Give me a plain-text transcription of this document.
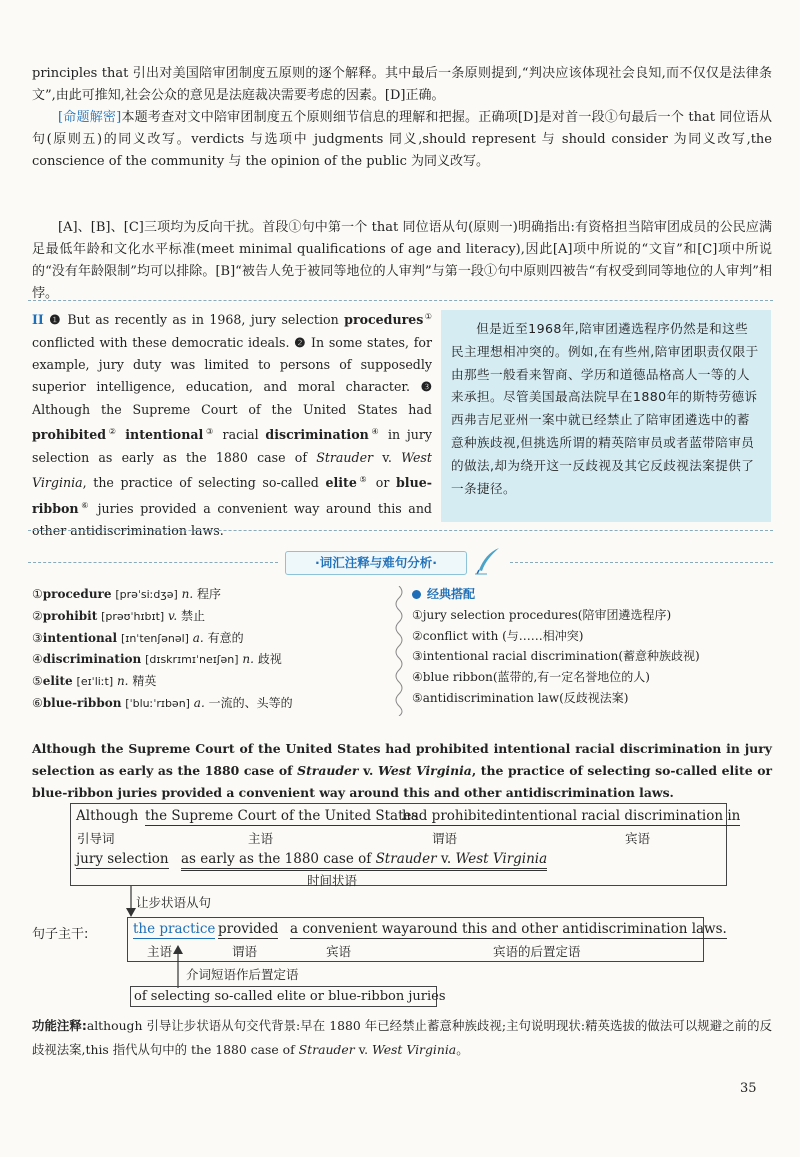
principles that 引出对美国陪审团制度五原则的逐个解释。其中最后一条原则提到,“判决应该体现社会良知,而不仅仅是法律条文”,由此可推知,社会公众的意见是法庭裁决需要考虑的因素。[D]正确。

[命题解密]本题考查对文中陪审团制度五个原则细节信息的理解和把握。正确项[D]是对首一段①句最后一个 that 同位语从句(原则五)的同义改写。verdicts 与选项中 judgments 同义,should represent 与 should consider 为同义改写,the conscience of the community 与 the opinion of the public 为同义改写。

[A]、[B]、[C]三项均为反向干扰。首段①句中第一个 that 同位语从句(原则一)明确指出:有资格担当陪审团成员的公民应满足最低年龄和文化水平标准(meet minimal qualifications of age and literacy),因此[A]项中所说的“文盲”和[C]项中所说的“没有年龄限制”均可以排除。[B]“被告人免于被同等地位的人审判”与第一段①句中原则四被告“有权受到同等地位的人审判”相悖。

II ❶ But as recently as in 1968, jury selection procedures① conflicted with these democratic ideals. ❷ In some states, for example, jury duty was limited to persons of supposedly superior intelligence, education, and moral character. ❸ Although the Supreme Court of the United States had prohibited② intentional③ racial discrimination④ in jury selection as early as the 1880 case of Strauder v. West Virginia, the practice of selecting so-called elite⑤ or blue-ribbon⑥ juries provided a convenient way around this and other antidiscrimination laws.
但是近至1968年,陪审团遴选程序仍然是和这些民主理想相冲突的。例如,在有些州,陪审团职责仅限于由那些一般看来智商、学历和道德品格高人一等的人来承担。尽管美国最高法院早在1880年的斯特劳德诉西弗吉尼亚州一案中就已经禁止了陪审团遴选中的蓄意种族歧视,但挑选所谓的精英陪审员或者蓝带陪审员的做法,却为绕开这一反歧视及其它反歧视法案提供了一条捷径。
·词汇注释与难句分析·
①procedure [prəˈsiːdʒə] n. 程序
②prohibit [prəʊˈhɪbɪt] v. 禁止
③intentional [ɪnˈtenʃənəl] a. 有意的
④discrimination [dɪskrɪmɪˈneɪʃən] n. 歧视
⑤elite [eɪˈliːt] n. 精英
⑥blue-ribbon [ˈbluːˈrɪbən] a. 一流的、头等的
经典搭配
①jury selection procedures(陪审团遴选程序)
②conflict with (与……相冲突)
③intentional racial discrimination(蓄意种族歧视)
④blue ribbon(蓝带的,有一定名誉地位的人)
⑤antidiscrimination law(反歧视法案)
Although the Supreme Court of the United States had prohibited intentional racial discrimination in jury selection as early as the 1880 case of Strauder v. West Virginia, the practice of selecting so-called elite or blue-ribbon juries provided a convenient way around this and other antidiscrimination laws.
Although the Supreme Court of the United States
had prohibited intentional racial discrimination in
引导词	主语	谓语	宾语
jury selection as early as the 1880 case of Strauder v. West Virginia
时间状语
让步状语从句
句子主干:	the practice provided a convenient way around this and other antidiscrimination laws.
主语	谓语	宾语	宾语的后置定语
介词短语作后置定语
of selecting so-called elite or blue-ribbon juries
功能注释:although 引导让步状语从句交代背景:早在 1880 年已经禁止蓄意种族歧视;主句说明现状:精英选拔的做法可以规避之前的反歧视法案,this 指代从句中的 the 1880 case of Strauder v. West Virginia。
35
